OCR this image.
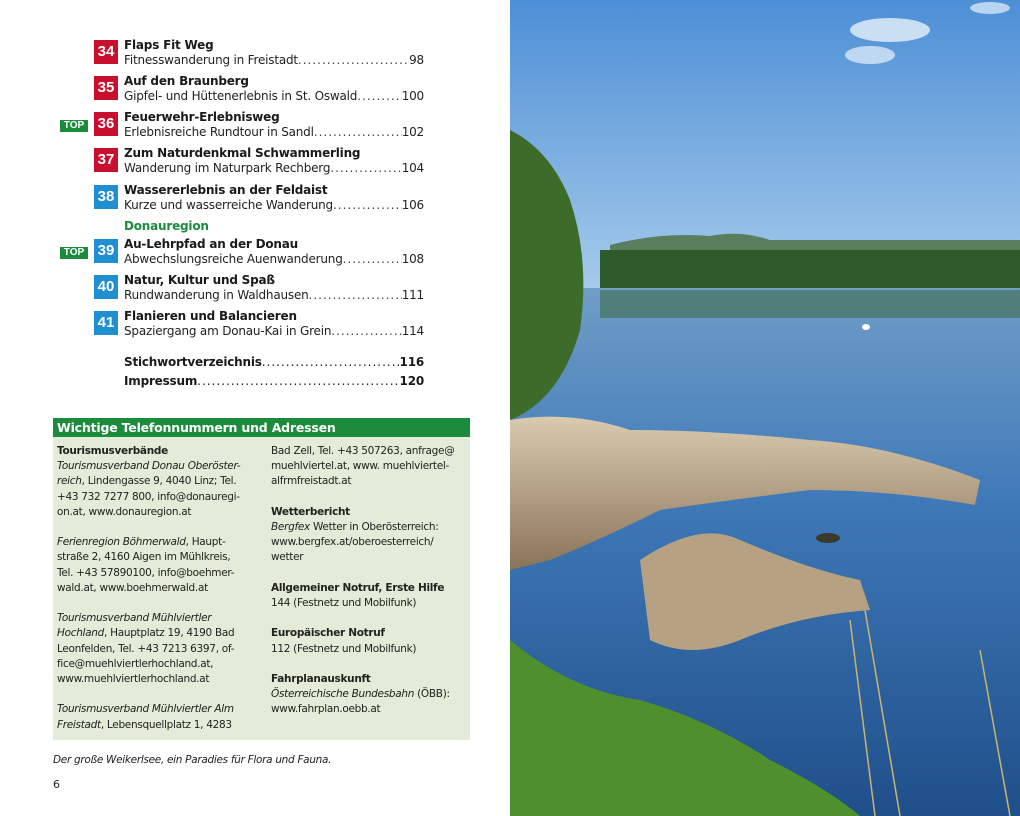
34 Flaps Fit Weg
Fitnesswanderung in Freistadt .....	98
35 Auf den Braunberg
Gipfel- und Hüttenerlebnis in St. Oswald .....	100
TOP 36 Feuerwehr-Erlebnisweg
Erlebnisreiche Rundtour in Sandl .....	102
37 Zum Naturdenkmal Schwammerling
Wanderung im Naturpark Rechberg .....	104
38 Wassererlebnis an der Feldaist
Kurze und wasserreiche Wanderung .....	106
Donauregion
TOP 39 Au-Lehrpfad an der Donau
Abwechslungsreiche Auenwanderung .....	108
40 Natur, Kultur und Spaß
Rundwanderung in Waldhausen .....	111
41 Flanieren und Balancieren
Spaziergang am Donau-Kai in Grein .....	114
Stichwortverzeichnis .....	116
Impressum .....	120
Wichtige Telefonnummern und Adressen
Tourismusverbände
Tourismusverband Donau Oberöster-
reich, Lindengasse 9, 4040 Linz; Tel.
+43 732 7277 800, info@donauregi-
on.at, www.donauregion.at
Ferienregion Böhmerwald, Haupt-
straße 2, 4160 Aigen im Mühlkreis,
Tel. +43 57890100, info@boehmer-
wald.at, www.boehmerwald.at
Tourismusverband Mühlviertler
Hochland, Hauptplatz 19, 4190 Bad
Leonfelden, Tel. +43 7213 6397, of-
fice@muehlviertlerhochland.at,
www.muehlviertlerhochland.at
Tourismusverband Mühlviertler Alm
Freistadt, Lebensquellplatz 1, 4283
Bad Zell, Tel. +43 507263, anfrage@
muehlviertel.at, www. muehlviertel-
alfrmfreistadt.at
Wetterbericht
Bergfex Wetter in Oberösterreich:
www.bergfex.at/oberoesterreich/
wetter
Allgemeiner Notruf, Erste Hilfe
144 (Festnetz und Mobilfunk)
Europäischer Notruf
112 (Festnetz und Mobilfunk)
Fahrplanauskunft
Österreichische Bundesbahn (ÖBB):
www.fahrplan.oebb.at
Der große Weikerlsee, ein Paradies für Flora und Fauna.
6
